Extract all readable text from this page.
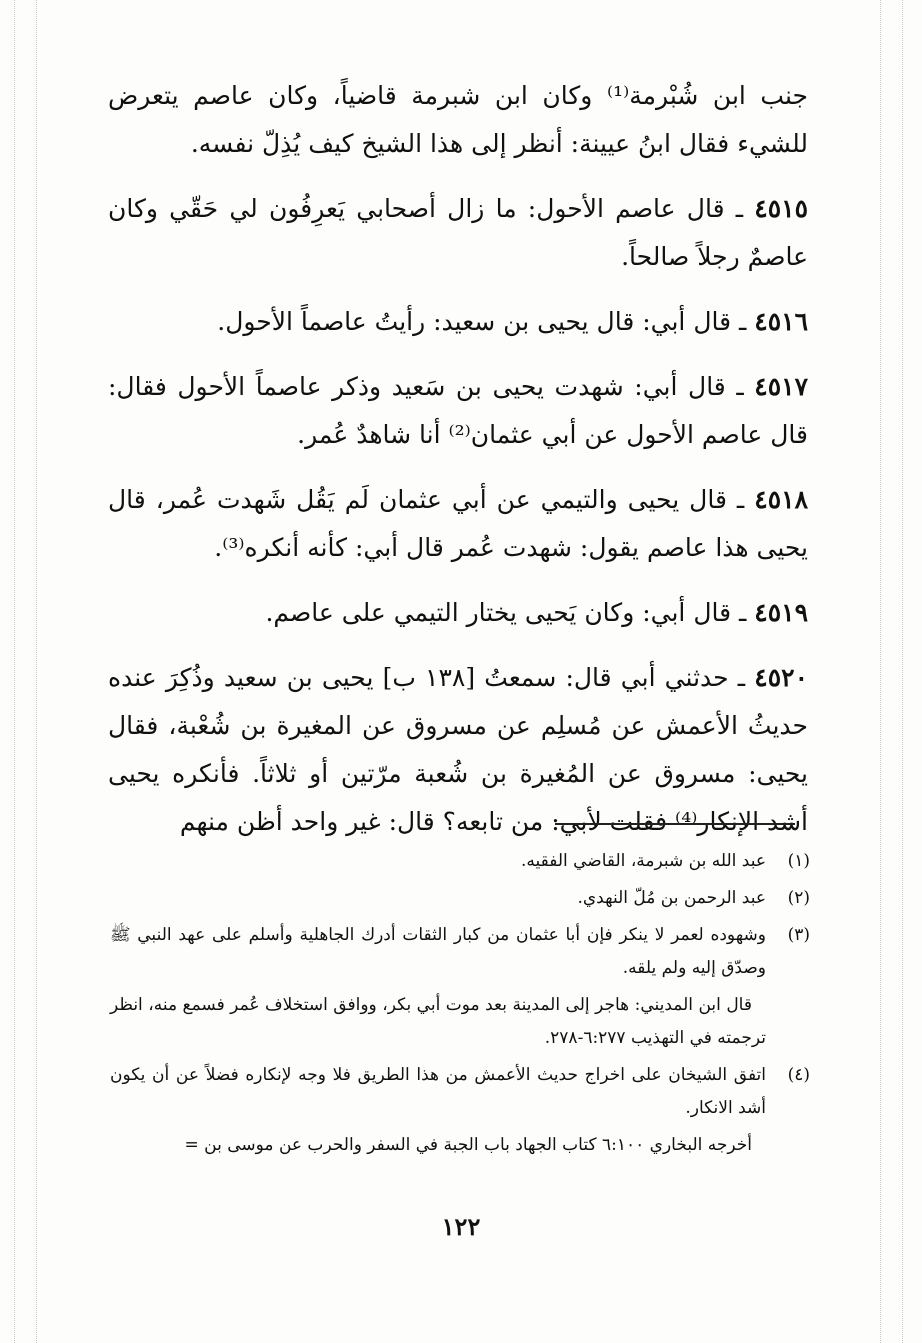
جنب ابن شُبْرمة⁽¹⁾ وكان ابن شبرمة قاضياً، وكان عاصم يتعرض للشيء فقال ابنُ عيينة: أنظر إلى هذا الشيخ كيف يُذِلّ نفسه.

٤٥١٥ ـ قال عاصم الأحول: ما زال أصحابي يَعرِفُون لي حَقّي وكان عاصمٌ رجلاً صالحاً.

٤٥١٦ ـ قال أبي: قال يحيى بن سعيد: رأيتُ عاصماً الأحول.

٤٥١٧ ـ قال أبي: شهدت يحيى بن سَعيد وذكر عاصماً الأحول فقال: قال عاصم الأحول عن أبي عثمان⁽²⁾ أنا شاهدٌ عُمر.

٤٥١٨ ـ قال يحيى والتيمي عن أبي عثمان لَم يَقُل شَهدت عُمر، قال يحيى هذا عاصم يقول: شهدت عُمر قال أبي: كأنه أنكره⁽³⁾.

٤٥١٩ ـ قال أبي: وكان يَحيى يختار التيمي على عاصم.

٤٥٢٠ ـ حدثني أبي قال: سمعتُ [١٣٨ ب] يحيى بن سعيد وذُكِرَ عنده حديثُ الأعمش عن مُسلِم عن مسروق عن المغيرة بن شُعْبة، فقال يحيى: مسروق عن المُغيرة بن شُعبة مرّتين أو ثلاثاً. فأنكره يحيى أشد الإنكار⁽⁴⁾ فقلت لأبي: من تابعه؟ قال: غير واحد أظن منهم

(١)
عبد الله بن شبرمة، القاضي الفقيه.
(٢)
عبد الرحمن بن مُلّ النهدي.
(٣)
وشهوده لعمر لا ينكر فإن أبا عثمان من كبار الثقات أدرك الجاهلية وأسلم على عهد النبي ﷺ وصدّق إليه ولم يلقه.
قال ابن المديني: هاجر إلى المدينة بعد موت أبي بكر، ووافق استخلاف عُمر فسمع منه، انظر ترجمته في التهذيب ٦:٢٧٧-٢٧٨.
(٤)
اتفق الشيخان على اخراج حديث الأعمش من هذا الطريق فلا وجه لإنكاره فضلاً عن أن يكون أشد الانكار.
أخرجه البخاري ٦:١٠٠ كتاب الجهاد باب الجبة في السفر والحرب عن موسى بن =
١٢٢
